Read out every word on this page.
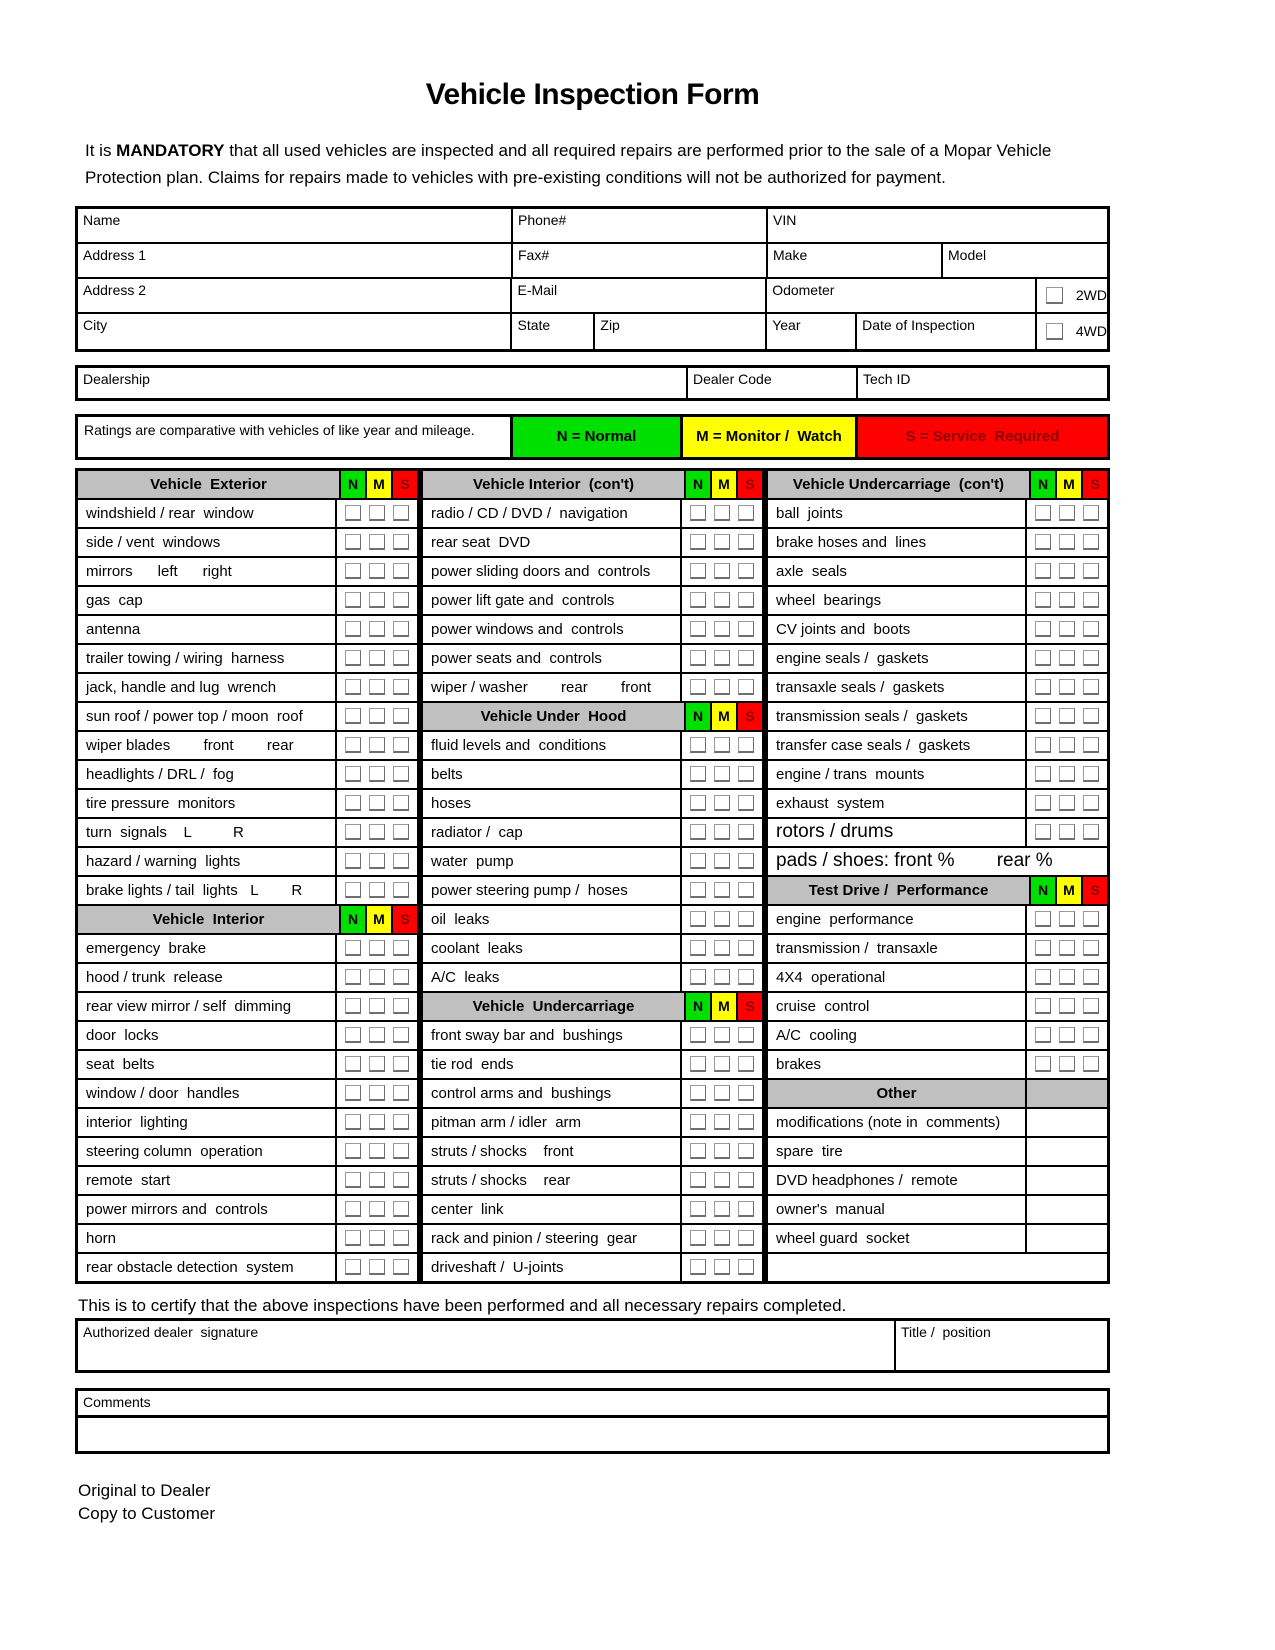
Vehicle Inspection Form
It is MANDATORY that all used vehicles are inspected and all required repairs are performed prior to the sale of a Mopar Vehicle Protection plan. Claims for repairs made to vehicles with pre-existing conditions will not be authorized for payment.
Name	Phone#	VIN
Address 1	Fax#	Make	Model
Address 2	E-Mail	Odometer	2WD
City	State	Zip	Year	Date of Inspection	4WD
Dealership	Dealer Code	Tech ID
Ratings are comparative with vehicles of like year and mileage.	N = Normal	M = Monitor /  Watch	S = Service  Required
Vehicle  Exterior	N	M	S
windshield / rear  window
side / vent  windows
mirrors      left      right
gas  cap
antenna
trailer towing / wiring  harness
jack, handle and lug  wrench
sun roof / power top / moon  roof
wiper blades        front        rear
headlights / DRL /  fog
tire pressure  monitors
turn  signals    L          R
hazard / warning  lights
brake lights / tail  lights   L        R
Vehicle  Interior	N	M	S
emergency  brake
hood / trunk  release
rear view mirror / self  dimming
door  locks
seat  belts
window / door  handles
interior  lighting
steering column  operation
remote  start
power mirrors and  controls
horn
rear obstacle detection  system
Vehicle Interior  (con't)	N	M	S
radio / CD / DVD /  navigation
rear seat  DVD
power sliding doors and  controls
power lift gate and  controls
power windows and  controls
power seats and  controls
wiper / washer        rear        front
Vehicle Under  Hood	N	M	S
fluid levels and  conditions
belts
hoses
radiator /  cap
water  pump
power steering pump /  hoses
oil  leaks
coolant  leaks
A/C  leaks
Vehicle  Undercarriage	N	M	S
front sway bar and  bushings
tie rod  ends
control arms and  bushings
pitman arm / idler  arm
struts / shocks    front
struts / shocks    rear
center  link
rack and pinion / steering  gear
driveshaft /  U-joints
Vehicle Undercarriage  (con't)	N	M	S
ball  joints
brake hoses and  lines
axle  seals
wheel  bearings
CV joints and  boots
engine seals /  gaskets
transaxle seals /  gaskets
transmission seals /  gaskets
transfer case seals /  gaskets
engine / trans  mounts
exhaust  system
rotors / drums
pads / shoes: front %        rear %
Test Drive /  Performance	N	M	S
engine  performance
transmission /  transaxle
4X4  operational
cruise  control
A/C  cooling
brakes
Other
modifications (note in  comments)
spare  tire
DVD headphones /  remote
owner's  manual
wheel guard  socket
This is to certify that the above inspections have been performed and all necessary repairs completed.
Authorized dealer  signature	Title /  position
Comments
Original to Dealer
Copy to Customer
